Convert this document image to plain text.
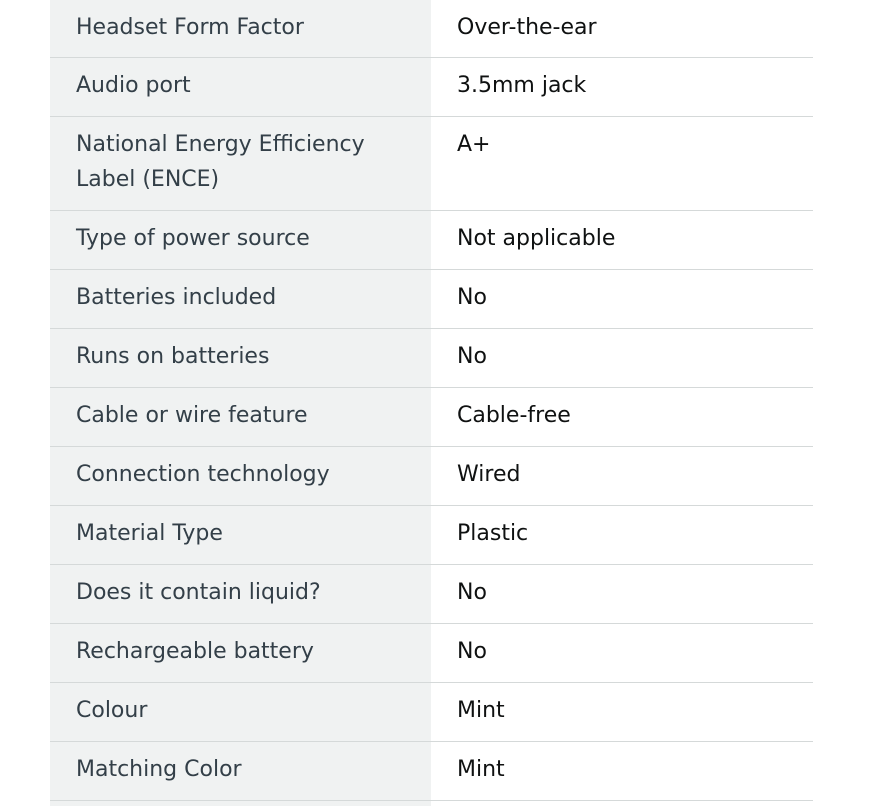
Headset Form Factor	Over-the-ear
Audio port	3.5mm jack
National Energy Efficiency Label (ENCE)	A+
Type of power source	Not applicable
Batteries included	No
Runs on batteries	No
Cable or wire feature	Cable-free
Connection technology	Wired
Material Type	Plastic
Does it contain liquid?	No
Rechargeable battery	No
Colour	Mint
Matching Color	Mint
